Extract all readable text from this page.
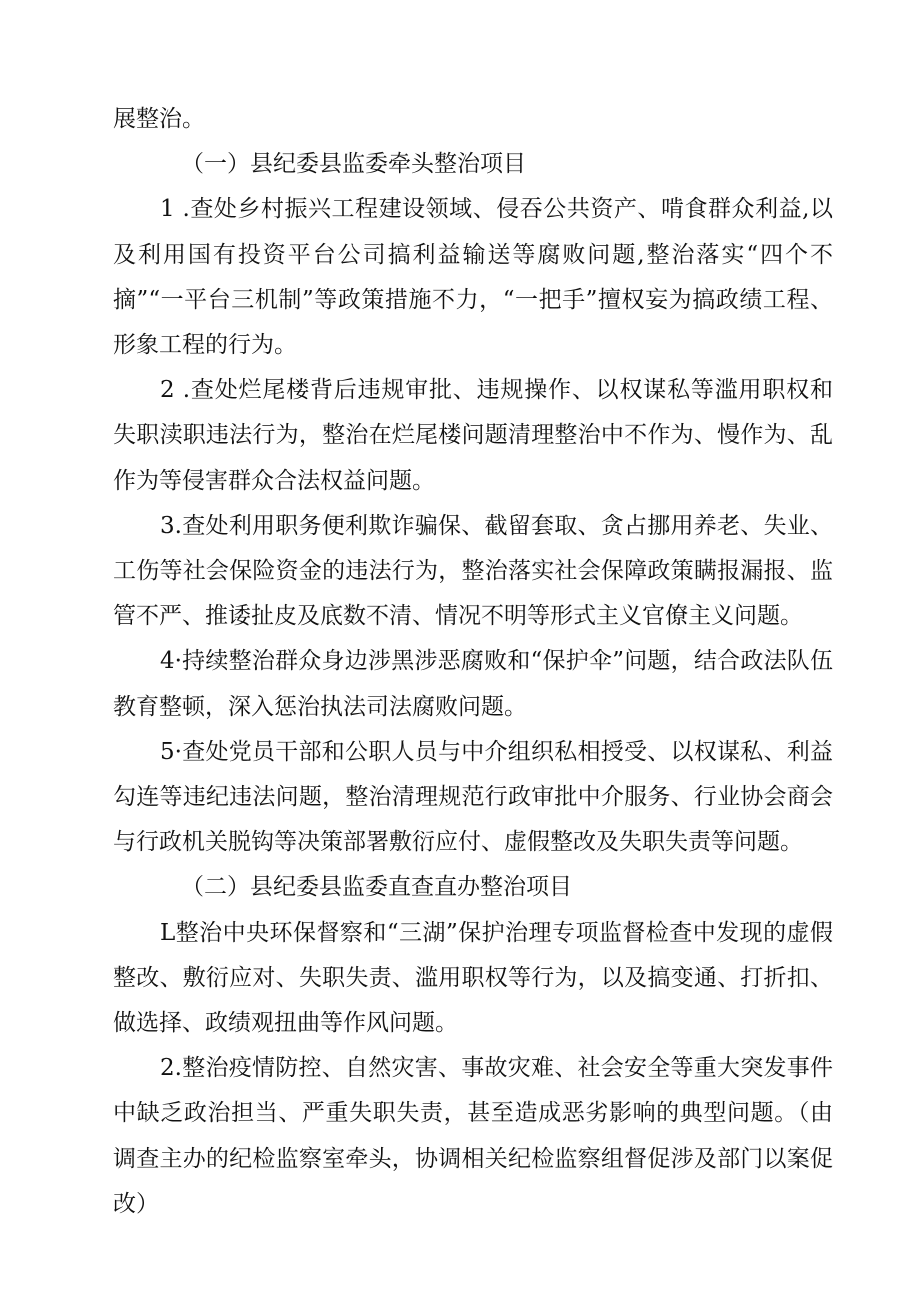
展整治。

（一）县纪委县监委牵头整治项目

1 .查处乡村振兴工程建设领域、侵吞公共资产、啃食群众利益,以及利用国有投资平台公司搞利益输送等腐败问题,整治落实“四个不摘”“一平台三机制”等政策措施不力，“一把手”擅权妄为搞政绩工程、形象工程的行为。

2 .查处烂尾楼背后违规审批、违规操作、以权谋私等滥用职权和失职渎职违法行为，整治在烂尾楼问题清理整治中不作为、慢作为、乱作为等侵害群众合法权益问题。

3.查处利用职务便利欺诈骗保、截留套取、贪占挪用养老、失业、工伤等社会保险资金的违法行为，整治落实社会保障政策瞒报漏报、监管不严、推诿扯皮及底数不清、情况不明等形式主义官僚主义问题。

4·持续整治群众身边涉黑涉恶腐败和“保护伞”问题，结合政法队伍教育整顿，深入惩治执法司法腐败问题。

5·查处党员干部和公职人员与中介组织私相授受、以权谋私、利益勾连等违纪违法问题，整治清理规范行政审批中介服务、行业协会商会与行政机关脱钩等决策部署敷衍应付、虚假整改及失职失责等问题。

（二）县纪委县监委直查直办整治项目

L整治中央环保督察和“三湖”保护治理专项监督检查中发现的虚假整改、敷衍应对、失职失责、滥用职权等行为，以及搞变通、打折扣、做选择、政绩观扭曲等作风问题。

2.整治疫情防控、自然灾害、事故灾难、社会安全等重大突发事件中缺乏政治担当、严重失职失责，甚至造成恶劣影响的典型问题。（由调查主办的纪检监察室牵头，协调相关纪检监察组督促涉及部门以案促改）
